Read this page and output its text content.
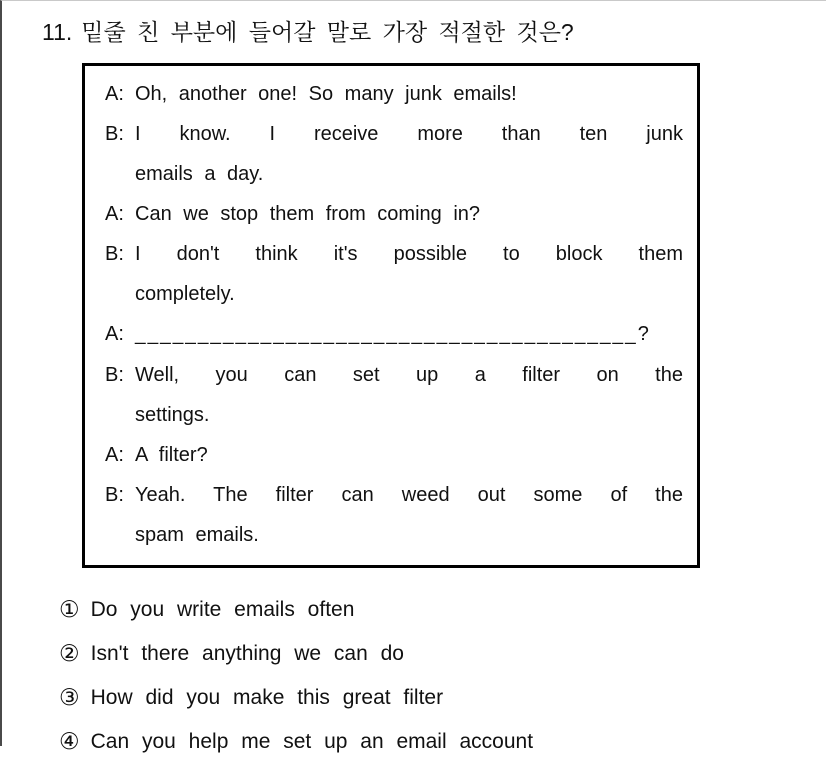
11. 밑줄 친 부분에 들어갈 말로 가장 적절한 것은?
A: Oh, another one! So many junk emails!
B: I know. I receive more than ten junk
emails a day.
A: Can we stop them from coming in?
B: I don't think it's possible to block them
completely.
A: ________________________________________?
B: Well, you can set up a filter on the
settings.
A: A filter?
B: Yeah. The filter can weed out some of the
spam emails.
① Do you write emails often
② Isn't there anything we can do
③ How did you make this great filter
④ Can you help me set up an email account
